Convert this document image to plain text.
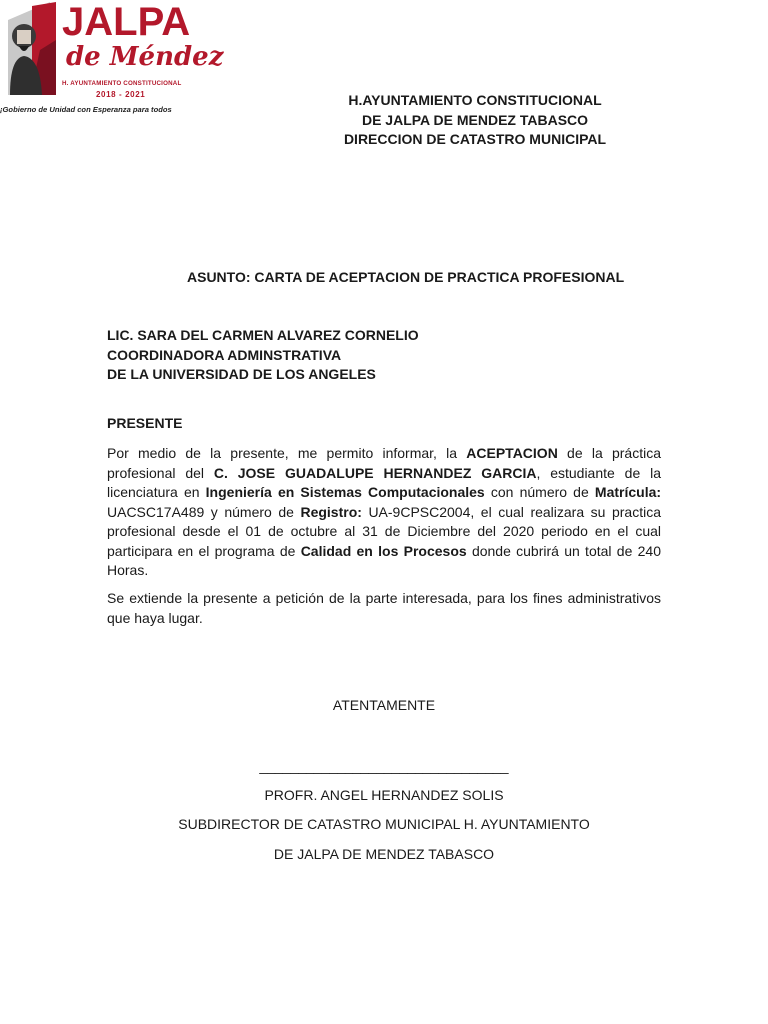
JALPA
de Méndez
H. AYUNTAMIENTO CONSTITUCIONAL
2018 - 2021
¡Gobierno de Unidad con Esperanza para todos
H.AYUNTAMIENTO CONSTITUCIONAL
DE JALPA DE MENDEZ TABASCO
DIRECCION DE CATASTRO MUNICIPAL
ASUNTO: CARTA DE ACEPTACION DE PRACTICA PROFESIONAL
LIC. SARA DEL CARMEN ALVAREZ CORNELIO
COORDINADORA ADMINSTRATIVA
DE LA UNIVERSIDAD DE LOS ANGELES
PRESENTE
Por medio de la presente, me permito informar, la ACEPTACION de la práctica profesional del C. JOSE GUADALUPE HERNANDEZ GARCIA, estudiante de la licenciatura en Ingeniería en Sistemas Computacionales con número de Matrícula: UACSC17A489 y número de Registro: UA-9CPSC2004, el cual realizara su practica profesional desde el 01 de octubre al 31 de Diciembre del 2020 periodo en el cual participara en el programa de Calidad en los Procesos donde cubrirá un total de 240 Horas.
Se extiende la presente a petición de la parte interesada, para los fines administrativos que haya lugar.
ATENTAMENTE
________________________________
PROFR. ANGEL HERNANDEZ SOLIS
SUBDIRECTOR DE CATASTRO MUNICIPAL H. AYUNTAMIENTO
DE JALPA DE MENDEZ TABASCO
